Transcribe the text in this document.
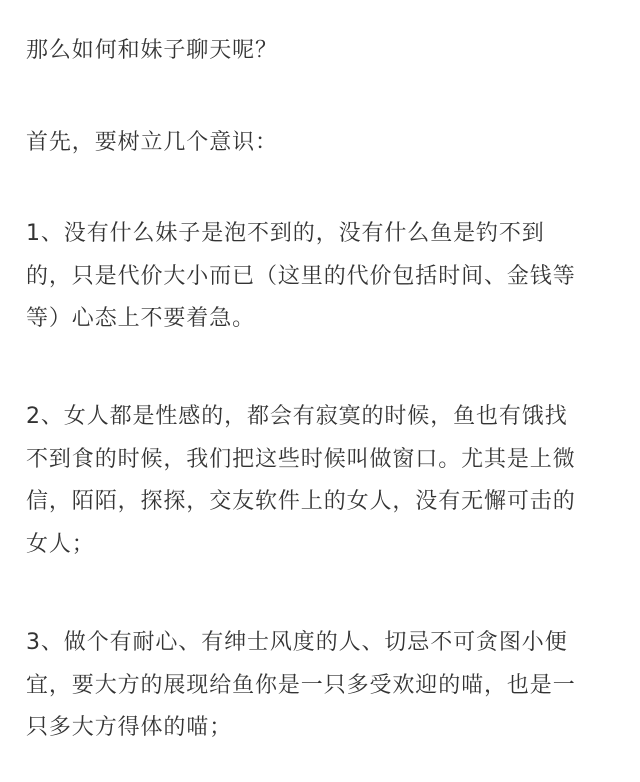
那么如何和妹子聊天呢？

首先，要树立几个意识：

1、没有什么妹子是泡不到的，没有什么鱼是钓不到
的，只是代价大小而已（这里的代价包括时间、金钱等
等）心态上不要着急。

2、女人都是性感的，都会有寂寞的时候，鱼也有饿找
不到食的时候，我们把这些时候叫做窗口。尤其是上微
信，陌陌，探探，交友软件上的女人，没有无懈可击的
女人；

3、做个有耐心、有绅士风度的人、切忌不可贪图小便
宜，要大方的展现给鱼你是一只多受欢迎的喵，也是一
只多大方得体的喵；
